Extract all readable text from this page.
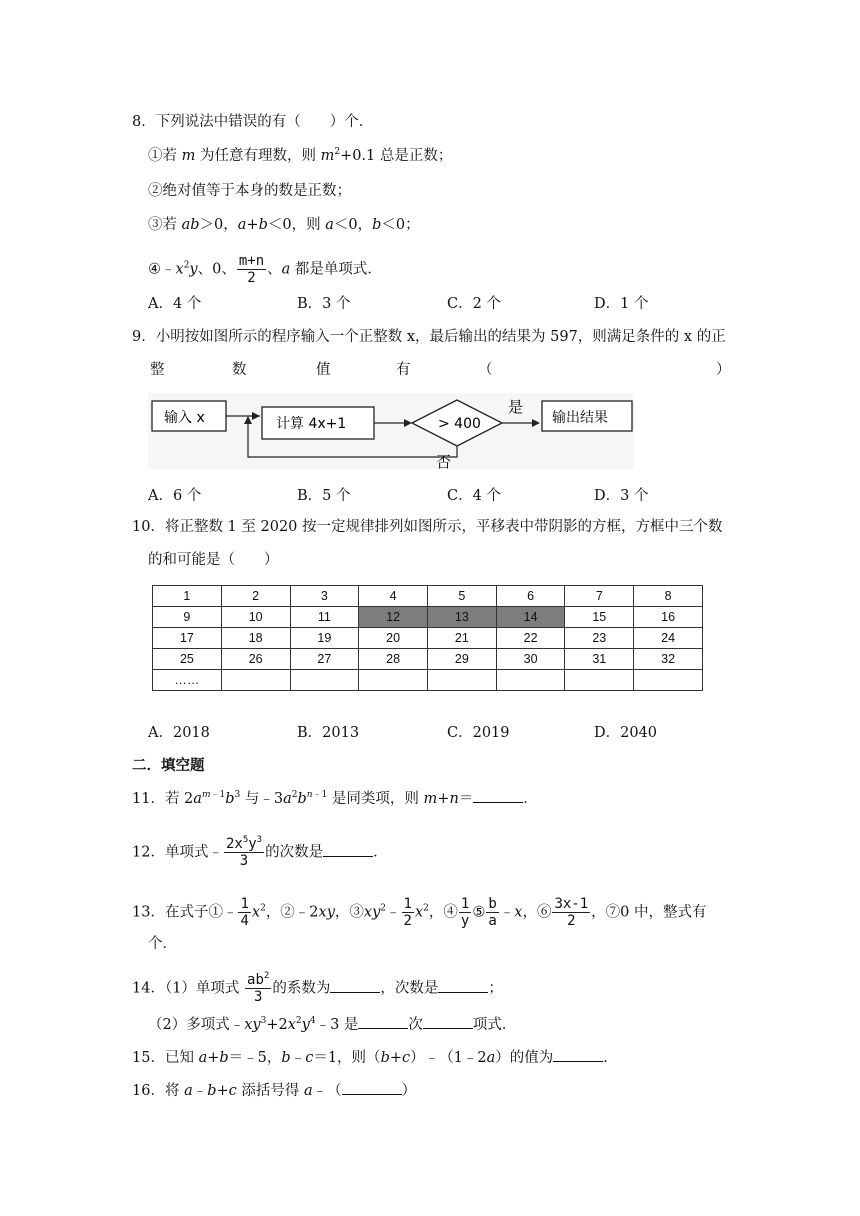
8．下列说法中错误的有（　　）个．
①若 m 为任意有理数，则 $m^2+0.1$ 总是正数；
②绝对值等于本身的数是正数；
③若 ab＞0，a+b＜0，则 a＜0，b＜0；
$④﹣x^2y$、0、 $\frac{m+n}{2}$ 、a 都是单项式．
A．4 个	B．3 个	C．2 个	D．1 个
9．小明按如图所示的程序输入一个正整数 x，最后输出的结果为 597，则满足条件的 x 的正
整	数	值	有	（	）
输入 x	计算 4x+1	> 400
是
输出结果
否
A．6 个	B．5 个	C．4 个	D．3 个
10．将正整数 1 至 2020 按一定规律排列如图所示，平移表中带阴影的方框，方框中三个数
的和可能是（　　）
1	2	3	4	5	6	7	8
9	10	11	12	13	14	15	16
17	18	19	20	21	22	23	24
25	26	27	28	29	30	31	32
……							
A．2018	B．2013	C．2019	D．2040
二．填空题
11．若 $2a^{m﹣1}b^3$ 与$﹣3a^2b^{n﹣1}$ 是同类项，则 m+n＝	．
12．单项式﹣ $\frac{2x^5y^3}{3}$ 的次数是	．
13．在式子①﹣ $\frac{1}{4} x^2$，②﹣2xy，$③xy^2﹣ \frac{1}{2} x^2$，④ $\frac{1}{y}$ ⑤ $\frac{b}{a}$ ﹣x，⑥ $\frac{3x-1}{2}$ ，⑦0 中，整式有
个．
14．（1）单项式 $\frac{ab^2}{3}$ 的系数为	，次数是	；
（2）多项式$﹣xy^3+2x^2y^4﹣3$ 是	次	项式．
15．已知 a+b＝﹣5，b﹣c＝1，则（b+c）﹣（1﹣2a）的值为	．
16．将 a﹣b+c 添括号得 a﹣（	）
